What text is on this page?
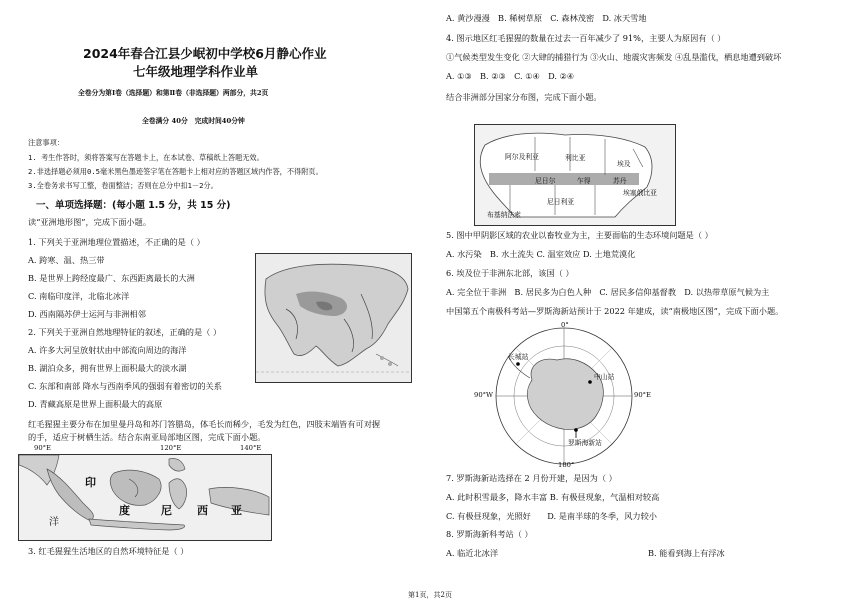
2024年春合江县少岷初中学校6月静心作业
七年级地理学科作业单
全卷分为第Ⅰ卷（选择题）和第Ⅱ卷（非选择题）两部分，共2页
全卷满分 40分　完成时间40分钟
注意事项：
1. 考生作答时，须将答案写在答题卡上，在本试卷、草稿纸上答题无效。
2.非选择题必须用0.5毫米黑色墨迹签字笔在答题卡上相对应的答题区域内作答，不得附页。
3.全卷务求书写工整，卷面整洁；否则在总分中扣1－2分。
一、单项选择题：(每小题 1.5 分，共 15 分)
读“亚洲地形图”，完成下面小题。
1. 下列关于亚洲地理位置描述，不正确的是（ ）
A. 跨寒、温、热三带
B. 是世界上跨经度最广、东西距离最长的大洲
C. 南临印度洋，北临北冰洋
D. 西南隔苏伊士运河与非洲相邻
2. 下列关于亚洲自然地理特征的叙述，正确的是（ ）
A. 许多大河呈放射状由中部流向周边的海洋
B. 湖泊众多，拥有世界上面积最大的淡水湖
C. 东部和南部 降水与西南季风的强弱有着密切的关系
D. 青藏高原是世界上面积最大的高原
红毛猩猩主要分布在加里曼丹岛和苏门答腊岛，体毛长而稀少，毛发为红色，四肢末端皆有可对握
的手，适应于树栖生活。结合东南亚局部地区图，完成下面小题。
90°E	120°E	140°E
印
度	尼 西 亚
洋
3. 红毛猩猩生活地区的自然环境特征是（ ）
A. 黄沙漫漫　B. 稀树草原　C. 森林茂密　D. 冰天雪地
4. 图示地区红毛猩猩的数量在过去一百年减少了 91%，主要人为原因有（ ）
①气候类型发生变化 ②大肆的捕猎行为 ③火山、地震灾害频发 ④乱垦滥伐，栖息地遭到破坏
A. ①③　B. ②③　C. ①④　D. ②④
结合非洲部分国家分布图，完成下面小题。
阿尔及利亚	利比亚
埃及
尼日尔	乍得	苏丹
埃塞俄比亚
尼日利亚
布基纳法索
5. 图中甲阴影区域的农业以畜牧业为主，主要面临的生态环境问题是（ ）
A. 水污染　B. 水土流失 C. 温室效应 D. 土地荒漠化
6. 埃及位于非洲东北部，该国（ ）
A. 完全位于非洲　B. 居民多为白色人种　C. 居民多信仰基督教　D. 以热带草原气候为主
中国第五个南极科考站—罗斯海新站预计于 2022 年建成，读“南极地区图”，完成下面小题。
0°
90°W	90°E
180°
长城站
中山站
罗斯海新站
7. 罗斯海新站选择在 2 月份开建，是因为（ ）
A. 此时积雪最多，降水丰富 B. 有极昼现象，气温相对较高
C. 有极昼现象，光照好　　D. 是南半球的冬季，风力较小
8. 罗斯海新科考站（ ）
A. 临近北冰洋	B. 能看到海上有浮冰
第1页，共2页
